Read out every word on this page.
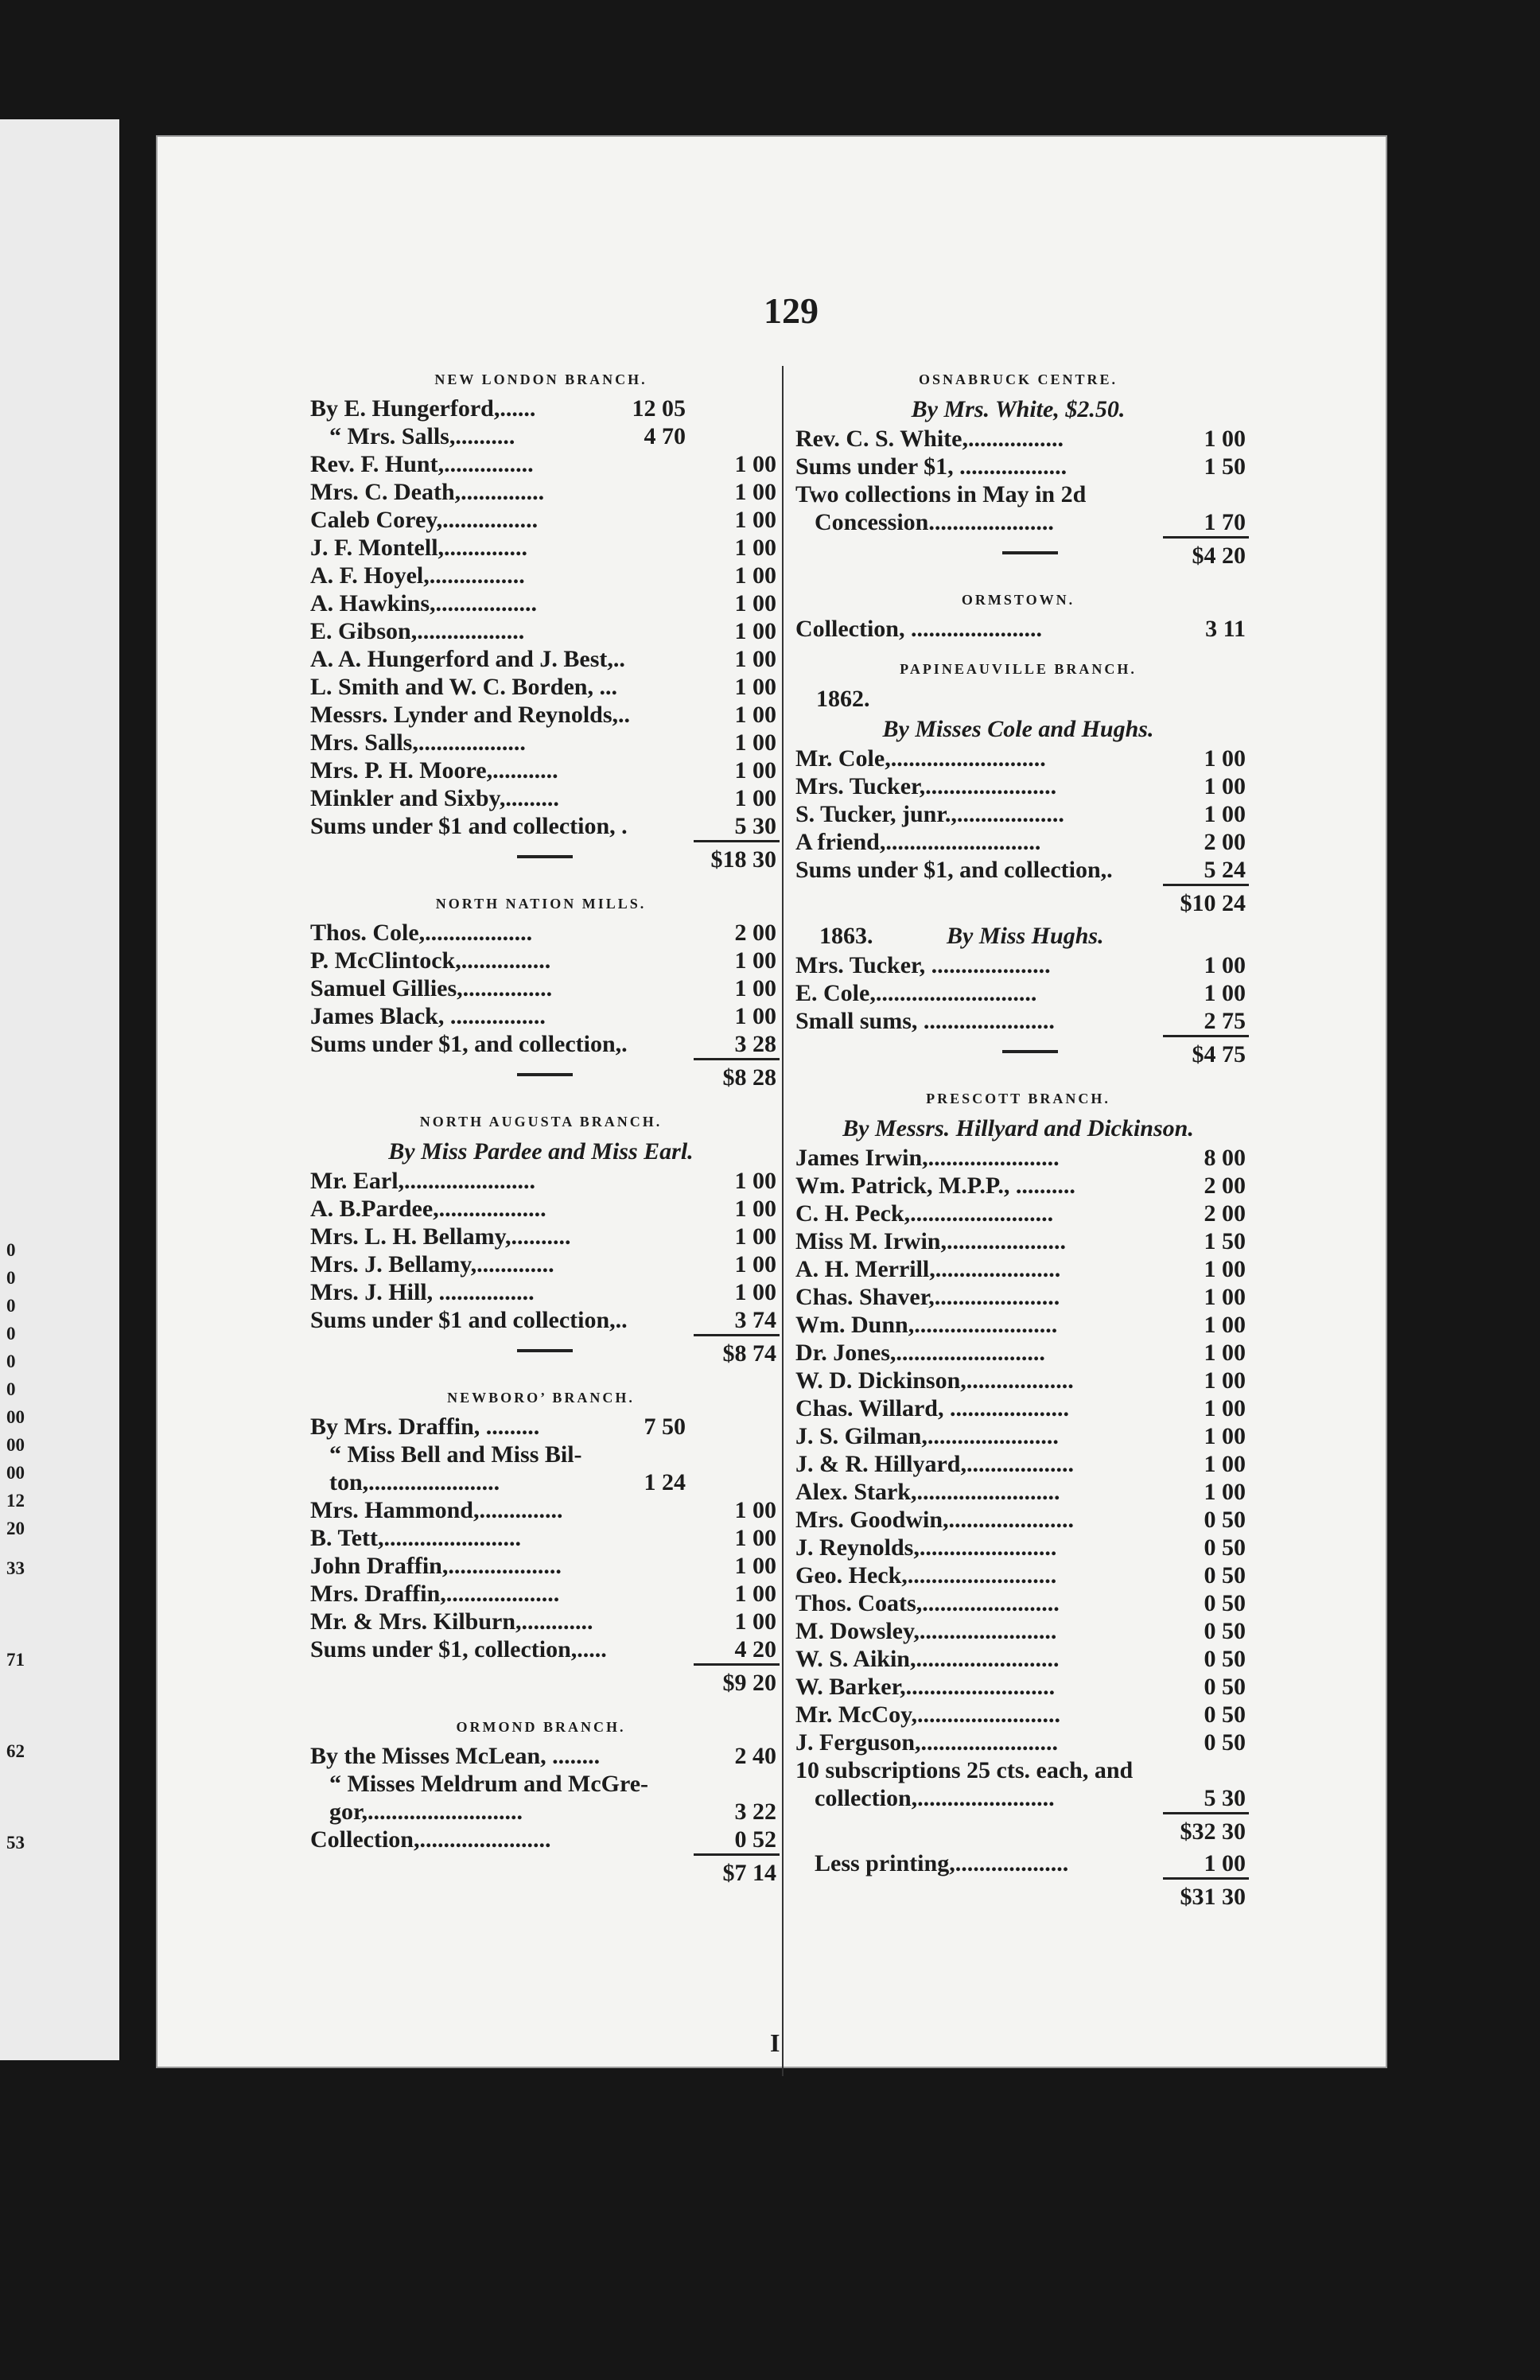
0
0
0
0
0
0
00
00
00
12
20
33
71
62
53
129
NEW LONDON BRANCH.
By E. Hungerford,......	12 05
“ Mrs. Salls,..........	4 70
Rev. F. Hunt,...............	1 00
Mrs. C. Death,..............	1 00
Caleb Corey,................	1 00
J. F. Montell,..............	1 00
A. F. Hoyel,................	1 00
A. Hawkins,.................	1 00
E. Gibson,..................	1 00
A. A. Hungerford and J. Best,..	1 00
L. Smith and W. C. Borden, ...	1 00
Messrs. Lynder and Reynolds,..	1 00
Mrs. Salls,..................	1 00
Mrs. P. H. Moore,...........	1 00
Minkler and Sixby,.........	1 00
Sums under $1 and collection, .	5 30
$18 30
NORTH NATION MILLS.
Thos. Cole,..................	2 00
P. McClintock,...............	1 00
Samuel Gillies,...............	1 00
James Black, ................	1 00
Sums under $1, and collection,.	3 28
$8 28
NORTH AUGUSTA BRANCH.
By Miss Pardee and Miss Earl.
Mr. Earl,......................	1 00
A. B.Pardee,..................	1 00
Mrs. L. H. Bellamy,..........	1 00
Mrs. J. Bellamy,.............	1 00
Mrs. J. Hill, ................	1 00
Sums under $1 and collection,..	3 74
$8 74
NEWBORO’ BRANCH.
By Mrs. Draffin, .........	7 50
“ Miss Bell and Miss Bil-
ton,......................	1 24
Mrs. Hammond,..............	1 00
B. Tett,.......................	1 00
John Draffin,...................	1 00
Mrs. Draffin,...................	1 00
Mr. & Mrs. Kilburn,............	1 00
Sums under $1, collection,.....	4 20
$9 20
ORMOND BRANCH.
By the Misses McLean, ........	2 40
“ Misses Meldrum and McGre-
gor,..........................	3 22
Collection,......................	0 52
$7 14
OSNABRUCK CENTRE.
By Mrs. White, $2.50.
Rev. C. S. White,................	1 00
Sums under $1, ..................	1 50
Two collections in May in 2d
Concession.....................	1 70
$4 20
ORMSTOWN.
Collection, ......................	3 11
PAPINEAUVILLE BRANCH.
1862.
By Misses Cole and Hughs.
Mr. Cole,..........................	1 00
Mrs. Tucker,......................	1 00
S. Tucker, junr.,..................	1 00
A friend,..........................	2 00
Sums under $1, and collection,.	5 24
$10 24
1863.	By Miss Hughs.
Mrs. Tucker, ....................	1 00
E. Cole,...........................	1 00
Small sums, ......................	2 75
$4 75
PRESCOTT BRANCH.
By Messrs. Hillyard and Dickinson.
James Irwin,......................	8 00
Wm. Patrick, M.P.P., ..........	2 00
C. H. Peck,........................	2 00
Miss M. Irwin,....................	1 50
A. H. Merrill,.....................	1 00
Chas. Shaver,.....................	1 00
Wm. Dunn,........................	1 00
Dr. Jones,.........................	1 00
W. D. Dickinson,..................	1 00
Chas. Willard, ....................	1 00
J. S. Gilman,......................	1 00
J. & R. Hillyard,..................	1 00
Alex. Stark,........................	1 00
Mrs. Goodwin,.....................	0 50
J. Reynolds,.......................	0 50
Geo. Heck,.........................	0 50
Thos. Coats,.......................	0 50
M. Dowsley,.......................	0 50
W. S. Aikin,........................	0 50
W. Barker,.........................	0 50
Mr. McCoy,........................	0 50
J. Ferguson,.......................	0 50
10 subscriptions 25 cts. each, and
collection,.......................	5 30
$32 30
Less printing,...................	1 00
$31 30
I
